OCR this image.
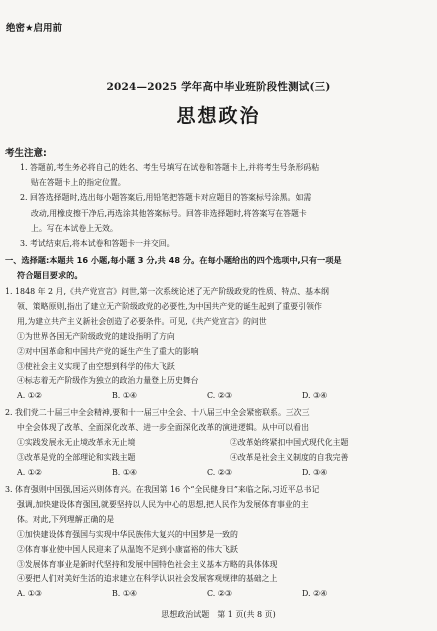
绝密★启用前
2024—2025 学年高中毕业班阶段性测试(三)
思想政治
考生注意:
1. 答题前,考生务必将自己的姓名、考生号填写在试卷和答题卡上,并将考生号条形码粘
贴在答题卡上的指定位置。
2. 回答选择题时,选出每小题答案后,用铅笔把答题卡对应题目的答案标号涂黑。如需
改动,用橡皮擦干净后,再选涂其他答案标号。回答非选择题时,将答案写在答题卡
上。写在本试卷上无效。
3. 考试结束后,将本试卷和答题卡一并交回。
一、选择题:本题共 16 小题,每小题 3 分,共 48 分。在每小题给出的四个选项中,只有一项是
符合题目要求的。

1. 1848 年 2 月,《共产党宣言》问世,第一次系统论述了无产阶级政党的性质、特点、基本纲

领、策略原则,指出了建立无产阶级政党的必要性,为中国共产党的诞生起到了重要引领作

用,为建立共产主义新社会创造了必要条件。可见,《共产党宣言》的问世

①为世界各国无产阶级政党的建设指明了方向

②对中国革命和中国共产党的诞生产生了重大的影响

③使社会主义实现了由空想到科学的伟大飞跃

④标志着无产阶级作为独立的政治力量登上历史舞台

A. ①②	B. ①④	C. ②③	D. ③④

2. 我们党二十届三中全会精神,要和十一届三中全会、十八届三中全会紧密联系。三次三

中全会体现了改革、全面深化改革、进一步全面深化改革的演进逻辑。从中可以看出

①实践发展永无止境改革永无止境	②改革始终紧扣中国式现代化主题
③改革是党的全部理论和实践主题	④改革是社会主义制度的自我完善
A. ①②	B. ①④	C. ②③	D. ③④

3. 体育强则中国强,国运兴则体育兴。在我国第 16 个“全民健身日”来临之际,习近平总书记

强调,加快建设体育强国,就要坚持以人民为中心的思想,把人民作为发展体育事业的主

体。对此,下列理解正确的是

①加快建设体育强国与实现中华民族伟大复兴的中国梦是一致的

②体育事业使中国人民迎来了从温饱不足到小康富裕的伟大飞跃

③发展体育事业是新时代坚持和发展中国特色社会主义基本方略的具体体现

④要把人们对美好生活的追求建立在科学认识社会发展客观规律的基础之上

A. ①③	B. ①④	C. ②③	D. ②④
思想政治试题　第 1 页(共 8 页)
